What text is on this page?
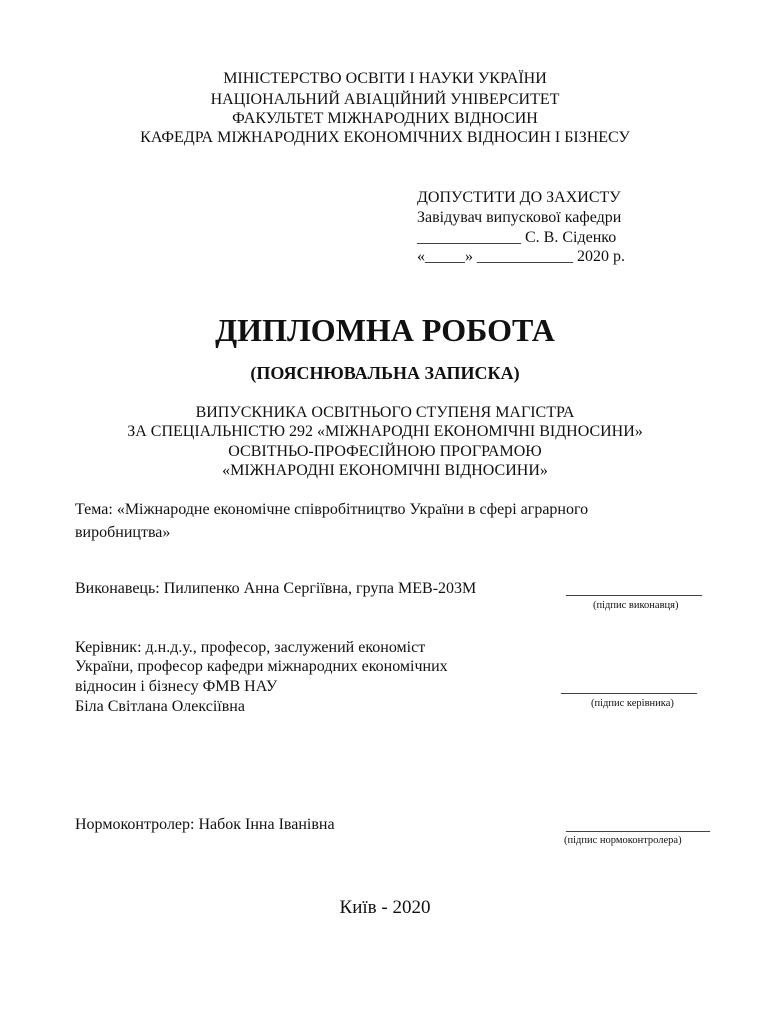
МІНІСТЕРСТВО ОСВІТИ І НАУКИ УКРАЇНИ
НАЦІОНАЛЬНИЙ АВІАЦІЙНИЙ УНІВЕРСИТЕТ
ФАКУЛЬТЕТ МІЖНАРОДНИХ ВІДНОСИН
КАФЕДРА МІЖНАРОДНИХ ЕКОНОМІЧНИХ ВІДНОСИН І БІЗНЕСУ
ДОПУСТИТИ ДО ЗАХИСТУ
Завідувач випускової кафедри
_____________ С. В. Сіденко
«_____» ____________ 2020 р.
ДИПЛОМНА РОБОТА
(ПОЯСНЮВАЛЬНА ЗАПИСКА)
ВИПУСКНИКА ОСВІТНЬОГО СТУПЕНЯ МАГІСТРА
ЗА СПЕЦІАЛЬНІСТЮ 292 «МІЖНАРОДНІ ЕКОНОМІЧНІ ВІДНОСИНИ»
ОСВІТНЬО-ПРОФЕСІЙНОЮ ПРОГРАМОЮ
«МІЖНАРОДНІ ЕКОНОМІЧНІ ВІДНОСИНИ»
Тема: «Міжнародне економічне співробітництво України в сфері аграрного
виробництва»
Виконавець: Пилипенко Анна Сергіївна, група МЕВ-203М	_________________
(підпис виконавця)
Керівник: д.н.д.у., професор, заслужений економіст
України, професор кафедри міжнародних економічних
відносин і бізнесу ФМВ НАУ
Біла Світлана Олексіївна
_________________
(підпис керівника)
Нормоконтролер: Набок Інна Іванівна	__________________
(підпис нормоконтролера)
Київ - 2020
